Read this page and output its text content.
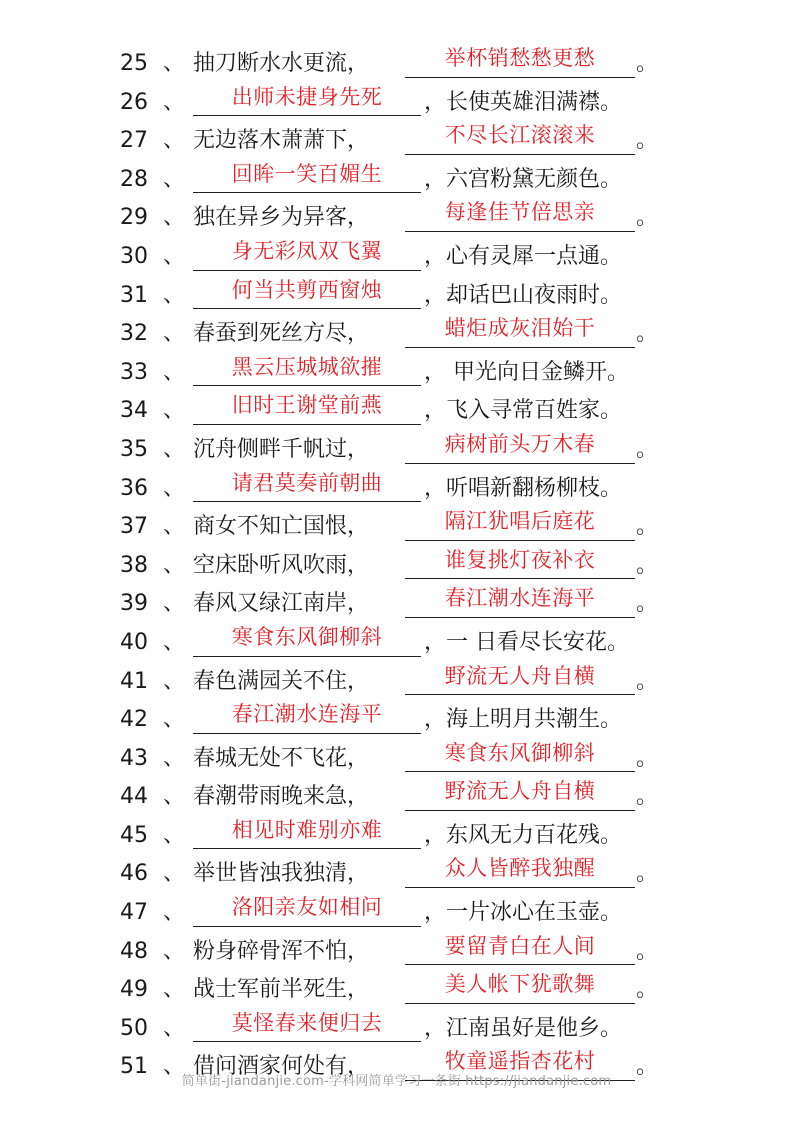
25 、 抽刀断水水更流，	举杯销愁愁更愁	。
26 、	出师未捷身先死	，长使英雄泪满襟。
27 、 无边落木萧萧下，	不尽长江滚滚来	。
28 、	回眸一笑百媚生	，六宫粉黛无颜色。
29 、 独在异乡为异客，	每逢佳节倍思亲	。
30 、	身无彩凤双飞翼	，心有灵犀一点通。
31 、	何当共剪西窗烛	，却话巴山夜雨时。
32 、 春蚕到死丝方尽，	蜡炬成灰泪始干	。
33 、	黑云压城城欲摧	， 甲光向日金鳞开。
34 、	旧时王谢堂前燕	，飞入寻常百姓家。
35 、 沉舟侧畔千帆过，	病树前头万木春	。
36 、	请君莫奏前朝曲	，听唱新翻杨柳枝。
37 、 商女不知亡国恨，	隔江犹唱后庭花	。
38 、 空床卧听风吹雨，	谁复挑灯夜补衣	。
39 、 春风又绿江南岸，	春江潮水连海平	。
40 、	寒食东风御柳斜	，一 日看尽长安花。
41 、 春色满园关不住，	野流无人舟自横	。
42 、	春江潮水连海平	，海上明月共潮生。
43 、 春城无处不飞花，	寒食东风御柳斜	。
44 、 春潮带雨晚来急，	野流无人舟自横	。
45 、	相见时难别亦难	，东风无力百花残。
46 、 举世皆浊我独清，	众人皆醉我独醒	。
47 、	洛阳亲友如相问	，一片冰心在玉壶。
48 、 粉身碎骨浑不怕，	要留青白在人间	。
49 、 战士军前半死生，	美人帐下犹歌舞	。
50 、	莫怪春来便归去	，江南虽好是他乡。
51 、 借问酒家何处有，	牧童遥指杏花村	。
简单街-jiandanjie.com-学科网简单学习一条街 https://jiandanjie.com
